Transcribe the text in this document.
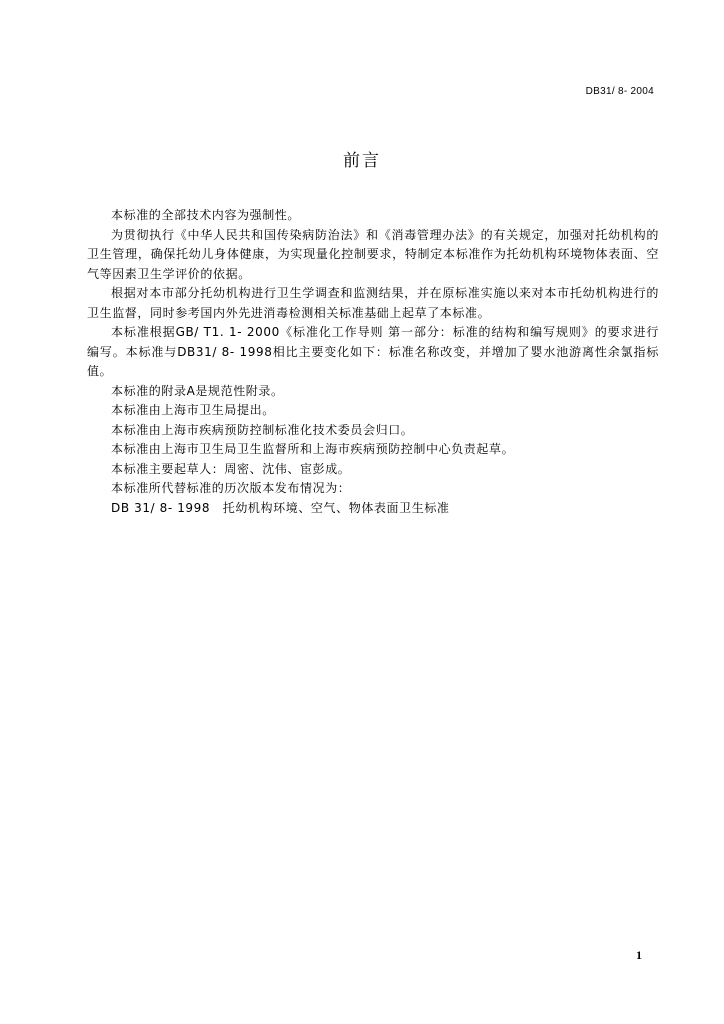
DB31/ 8- 2004
前言

本标准的全部技术内容为强制性。

为贯彻执行《中华人民共和国传染病防治法》和《消毒管理办法》的有关规定，加强对托幼机构的卫生管理，确保托幼儿身体健康，为实现量化控制要求，特制定本标准作为托幼机构环境物体表面、空气等因素卫生学评价的依据。

根据对本市部分托幼机构进行卫生学调查和监测结果，并在原标准实施以来对本市托幼机构进行的卫生监督，同时参考国内外先进消毒检测相关标准基础上起草了本标准。

本标准根据GB/ T1. 1- 2000《标准化工作导则 第一部分：标准的结构和编写规则》的要求进行编写。本标准与DB31/ 8- 1998相比主要变化如下：标准名称改变，并增加了婴水池游离性余氯指标值。

本标准的附录A是规范性附录。

本标准由上海市卫生局提出。

本标准由上海市疾病预防控制标准化技术委员会归口。

本标准由上海市卫生局卫生监督所和上海市疾病预防控制中心负责起草。

本标准主要起草人：周密、沈伟、宦彭成。

本标准所代替标准的历次版本发布情况为：

DB 31/ 8- 1998　托幼机构环境、空气、物体表面卫生标准

1
